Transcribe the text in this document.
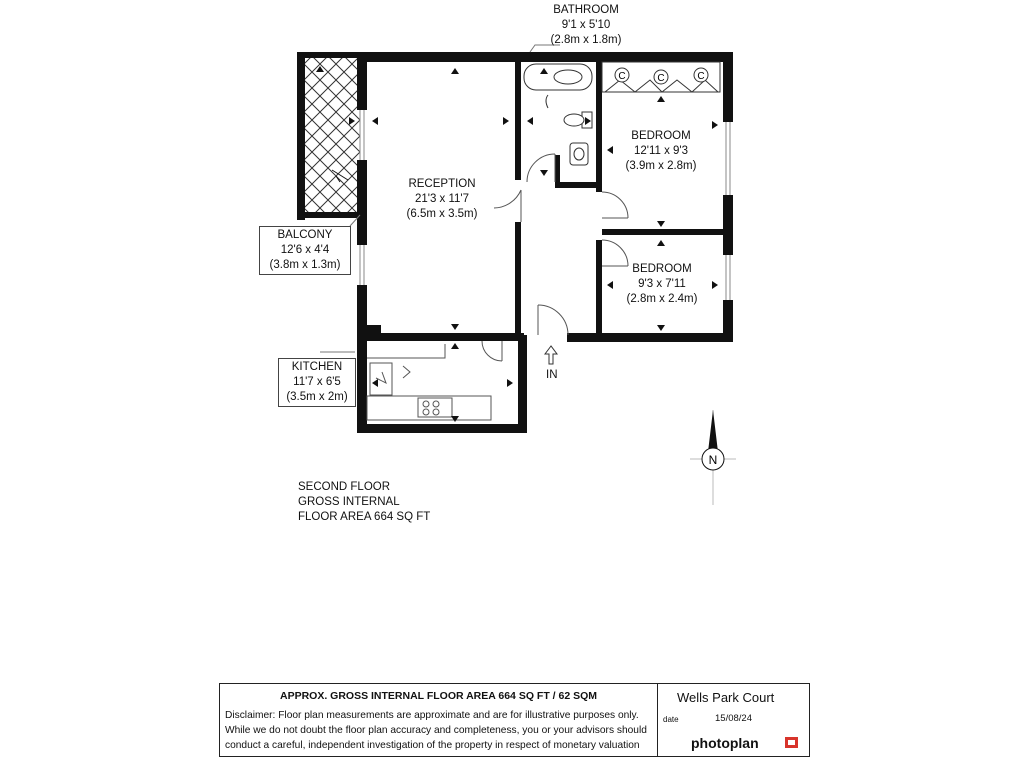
C	C	C
N
BATHROOM
9'1 x 5'10
(2.8m x 1.8m)
RECEPTION
21'3 x 11'7
(6.5m x 3.5m)
BEDROOM
12'11 x 9'3
(3.9m x 2.8m)
BEDROOM
9'3 x 7'11
(2.8m x 2.4m)
BALCONY
12'6 x 4'4
(3.8m x 1.3m)
KITCHEN
11'7 x 6'5
(3.5m x 2m)
IN
SECOND FLOOR
GROSS INTERNAL
FLOOR AREA 664 SQ FT
APPROX. GROSS INTERNAL FLOOR AREA 664 SQ FT / 62 SQM
Disclaimer: Floor plan measurements are approximate and are for illustrative purposes only.
While we do not doubt the floor plan accuracy and completeness, you or your advisors should
conduct a careful, independent investigation of the property in respect of monetary valuation
Wells Park Court
date	15/08/24
photoplan
